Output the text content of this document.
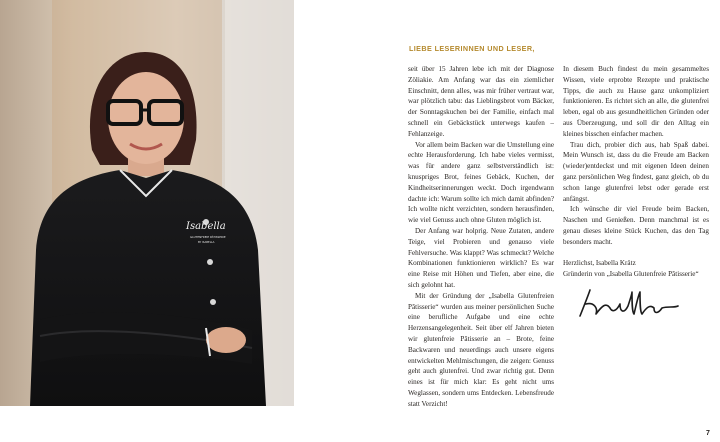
Isabella
GLUTENFREIE PÂTISSERIE
BY ISABELLA
LIEBE LESERINNEN UND LESER,

seit über 15 Jahren lebe ich mit der Diagnose Zöliakie. Am Anfang war das ein ziemlicher Einschnitt, denn alles, was mir früher vertraut war, war plötzlich tabu: das Lieblingsbrot vom Bäcker, der Sonntagskuchen bei der Familie, einfach mal schnell ein Gebäckstück unterwegs kaufen – Fehlanzeige.

Vor allem beim Backen war die Umstellung eine echte Herausforderung. Ich habe vieles vermisst, was für andere ganz selbstverständlich ist: knuspriges Brot, feines Gebäck, Kuchen, der Kindheitserinnerungen weckt. Doch irgendwann dachte ich: Warum sollte ich mich damit abfinden? Ich wollte nicht verzichten, sondern herausfinden, wie viel Genuss auch ohne Gluten möglich ist.

Der Anfang war holprig. Neue Zutaten, andere Teige, viel Probieren und genauso viele Fehlversuche. Was klappt? Was schmeckt? Welche Kombinationen funktionieren wirklich? Es war eine Reise mit Höhen und Tiefen, aber eine, die sich gelohnt hat.

Mit der Gründung der „Isabella Glutenfreien Pâtisserie“ wurden aus meiner persönlichen Suche eine berufliche Aufgabe und eine echte Herzensangelegenheit. Seit über elf Jahren bieten wir glutenfreie Pâtisserie an – Brote, feine Backwaren und neuerdings auch unsere eigens entwickelten Mehlmischungen, die zeigen: Genuss geht auch glutenfrei. Und zwar richtig gut. Denn eines ist für mich klar: Es geht nicht ums Weglassen, sondern ums Entdecken. Lebensfreude statt Verzicht!

In diesem Buch findest du mein gesammeltes Wissen, viele erprobte Rezepte und praktische Tipps, die auch zu Hause ganz unkompliziert funktionieren. Es richtet sich an alle, die glutenfrei leben, egal ob aus gesundheitlichen Gründen oder aus Überzeugung, und soll dir den Alltag ein kleines bisschen einfacher machen.

Trau dich, probier dich aus, hab Spaß dabei. Mein Wunsch ist, dass du die Freude am Backen (wieder)entdeckst und mit eigenen Ideen deinen ganz persönlichen Weg findest, ganz gleich, ob du schon lange glutenfrei lebst oder gerade erst anfängst.

Ich wünsche dir viel Freude beim Backen, Naschen und Genießen. Denn manchmal ist es genau dieses kleine Stück Kuchen, das den Tag besonders macht.

Herzlichst, Isabella Krätz

Gründerin von „Isabella Glutenfreie Pâtisserie“

7
